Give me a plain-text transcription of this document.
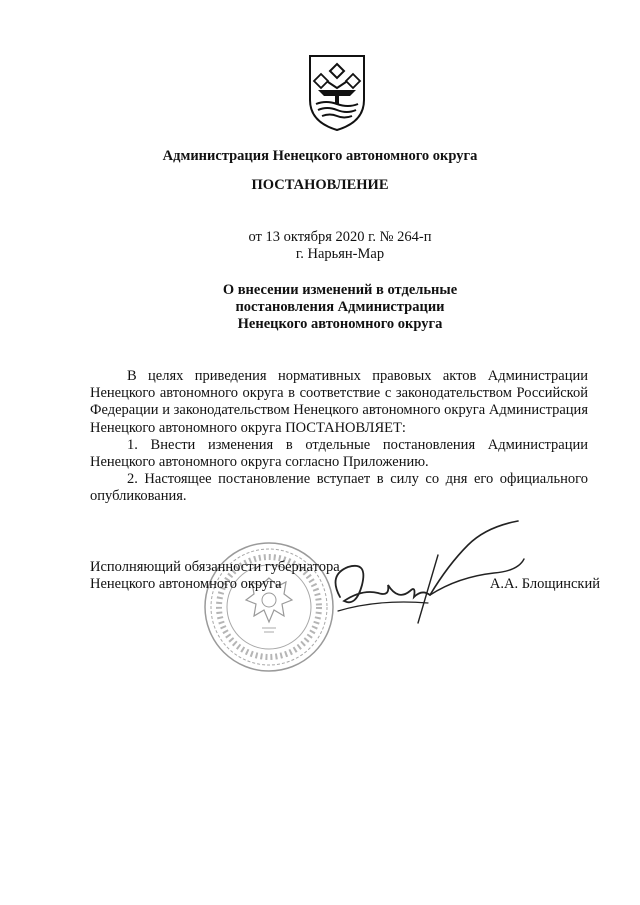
Администрация Ненецкого автономного округа
ПОСТАНОВЛЕНИЕ
от 13 октября 2020 г. № 264-п
г. Нарьян-Мар
О внесении изменений в отдельные
постановления Администрации
Ненецкого автономного округа

В целях приведения нормативных правовых актов Администрации Ненецкого автономного округа в соответствие с законодательством Российской Федерации и законодательством Ненецкого автономного округа Администрация Ненецкого автономного округа ПОСТАНОВЛЯЕТ:

1. Внести изменения в отдельные постановления Администрации Ненецкого автономного округа согласно Приложению.

2. Настоящее постановление вступает в силу со дня его официального опубликования.

Исполняющий обязанности губернатора
Ненецкого автономного округа	А.А. Блощинский
